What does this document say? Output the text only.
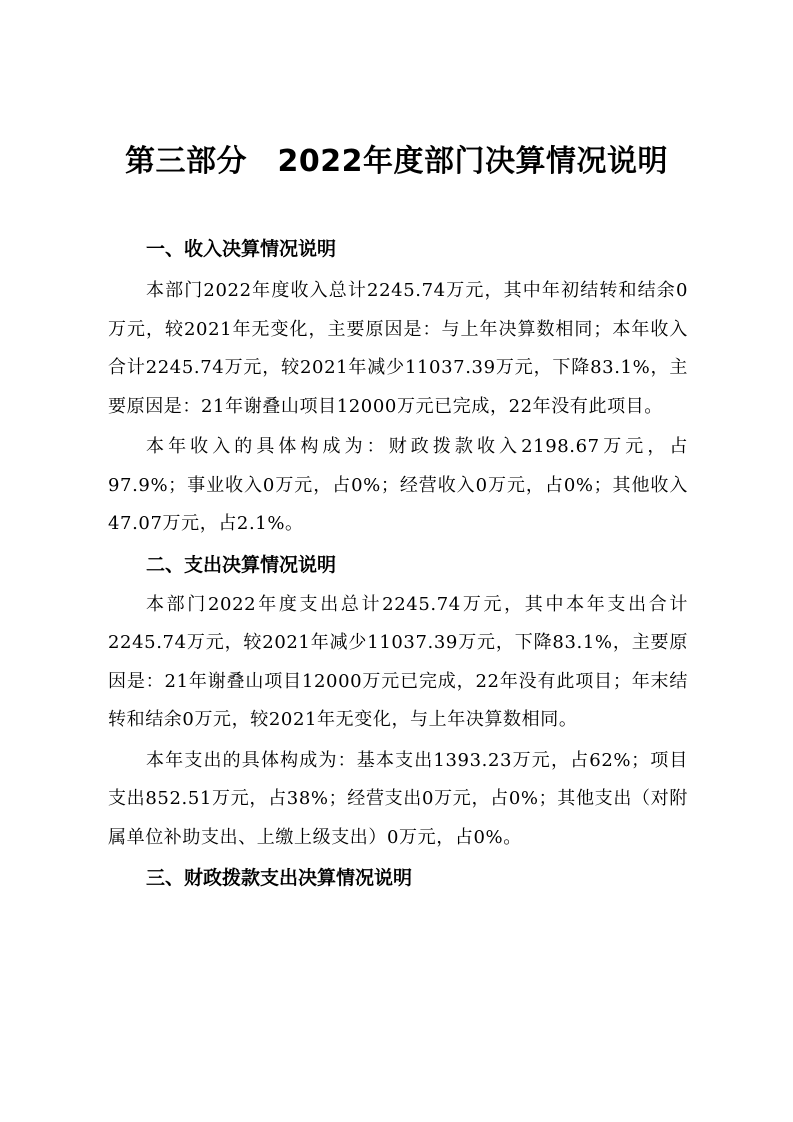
第三部分　2022年度部门决算情况说明
一、收入决算情况说明

本部门2022年度收入总计2245.74万元，其中年初结转和结余0万元，较2021年无变化，主要原因是：与上年决算数相同；本年收入合计2245.74万元，较2021年减少11037.39万元，下降83.1%，主要原因是：21年谢叠山项目12000万元已完成，22年没有此项目。

本年收入的具体构成为：财政拨款收入2198.67万元，占97.9%；事业收入0万元，占0%；经营收入0万元，占0%；其他收入47.07万元，占2.1%。

二、支出决算情况说明

本部门2022年度支出总计2245.74万元，其中本年支出合计2245.74万元，较2021年减少11037.39万元，下降83.1%，主要原因是：21年谢叠山项目12000万元已完成，22年没有此项目；年末结转和结余0万元，较2021年无变化，与上年决算数相同。

本年支出的具体构成为：基本支出1393.23万元，占62%；项目支出852.51万元，占38%；经营支出0万元，占0%；其他支出（对附属单位补助支出、上缴上级支出）0万元，占0%。

三、财政拨款支出决算情况说明
